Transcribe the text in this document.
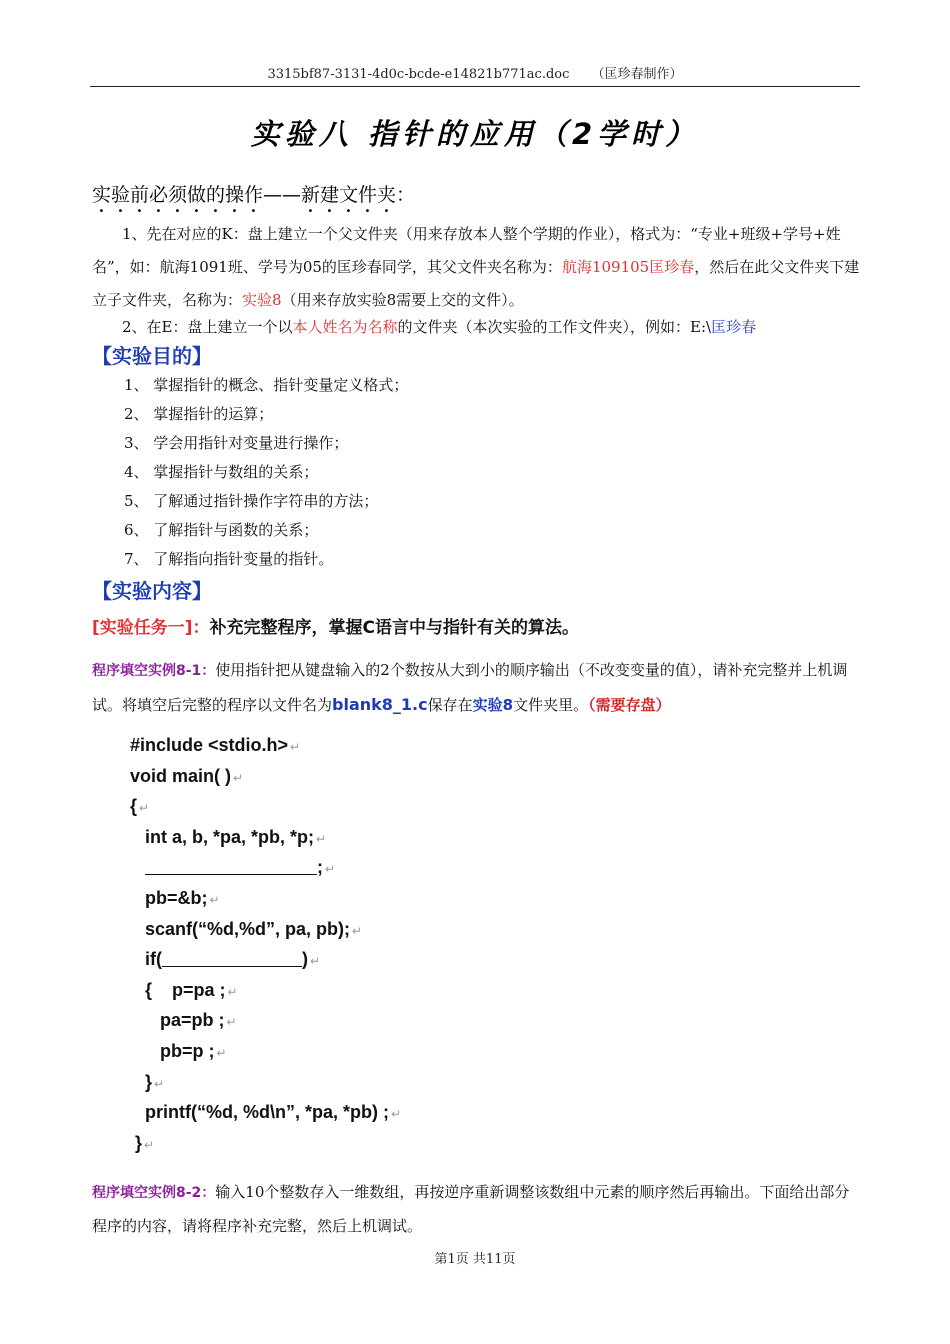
3315bf87-3131-4d0c-bcde-e14821b771ac.doc （匡珍春制作）
实验八 指针的应用（2学时）
实验前必须做的操作——新建文件夹：
1、先在对应的K：盘上建立一个父文件夹（用来存放本人整个学期的作业），格式为：“专业+班级+学号+姓名”，如：航海1091班、学号为05的匡珍春同学，其父文件夹名称为：航海109105匡珍春，然后在此父文件夹下建立子文件夹，名称为：实验8（用来存放实验8需要上交的文件）。
2、在E：盘上建立一个以本人姓名为名称的文件夹（本次实验的工作文件夹），例如：E:\匡珍春
【实验目的】
1、 掌握指针的概念、指针变量定义格式；
2、 掌握指针的运算；
3、 学会用指针对变量进行操作；
4、 掌握指针与数组的关系；
5、 了解通过指针操作字符串的方法；
6、 了解指针与函数的关系；
7、 了解指向指针变量的指针。
【实验内容】
[实验任务一]：补充完整程序，掌握C语言中与指针有关的算法。
程序填空实例8-1：使用指针把从键盘输入的2个数按从大到小的顺序输出（不改变变量的值），请补充完整并上机调试。将填空后完整的程序以文件名为blank8_1.c保存在实验8文件夹里。（需要存盘）
#include <stdio.h> ↵
void main( ) ↵
{ ↵
int a, b, *pa, *pb, *p; ↵
; ↵
pb=&b; ↵
scanf(“%d,%d”, pa, pb); ↵
if(	) ↵
{    p=pa ; ↵
pa=pb ; ↵
pb=p ; ↵
} ↵
printf(“%d, %d\n”, *pa, *pb) ; ↵
} ↵
程序填空实例8-2：输入10个整数存入一维数组，再按逆序重新调整该数组中元素的顺序然后再输出。下面给出部分程序的内容，请将程序补充完整，然后上机调试。
第1页 共11页
